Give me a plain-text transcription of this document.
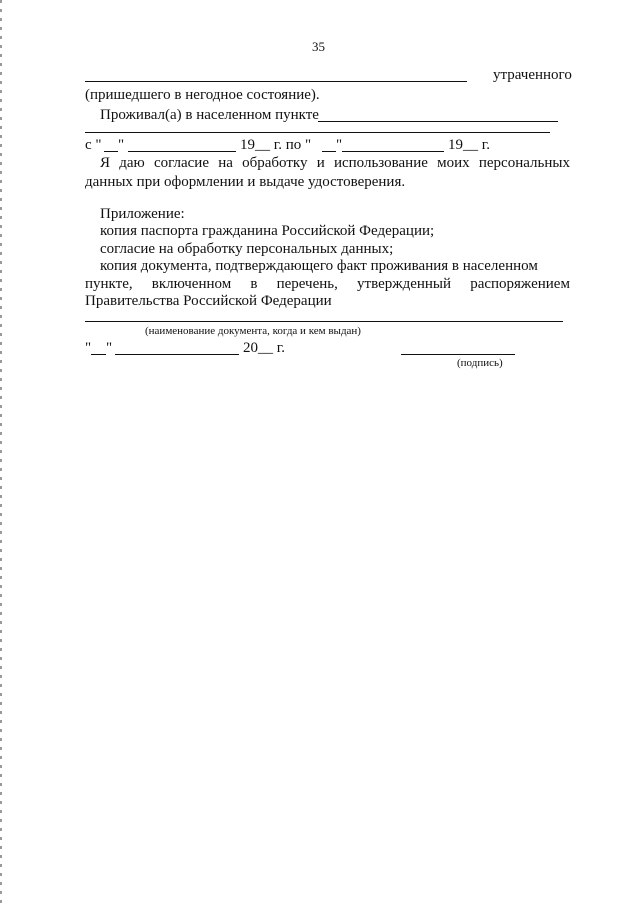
35
утраченного
(пришедшего в негодное состояние).
Проживал(а) в населенном пункте
с " "	19__ г. по " "	19__ г.
Я даю согласие на обработку и использование моих персональных
данных при оформлении и выдаче удостоверения.
Приложение:
копия паспорта гражданина Российской Федерации;
согласие на обработку персональных данных;
копия документа, подтверждающего факт проживания в населенном
пункте, включенном в перечень, утвержденный распоряжением
Правительства Российской Федерации
(наименование документа, когда и кем выдан)
" "	20__ г.
(подпись)
